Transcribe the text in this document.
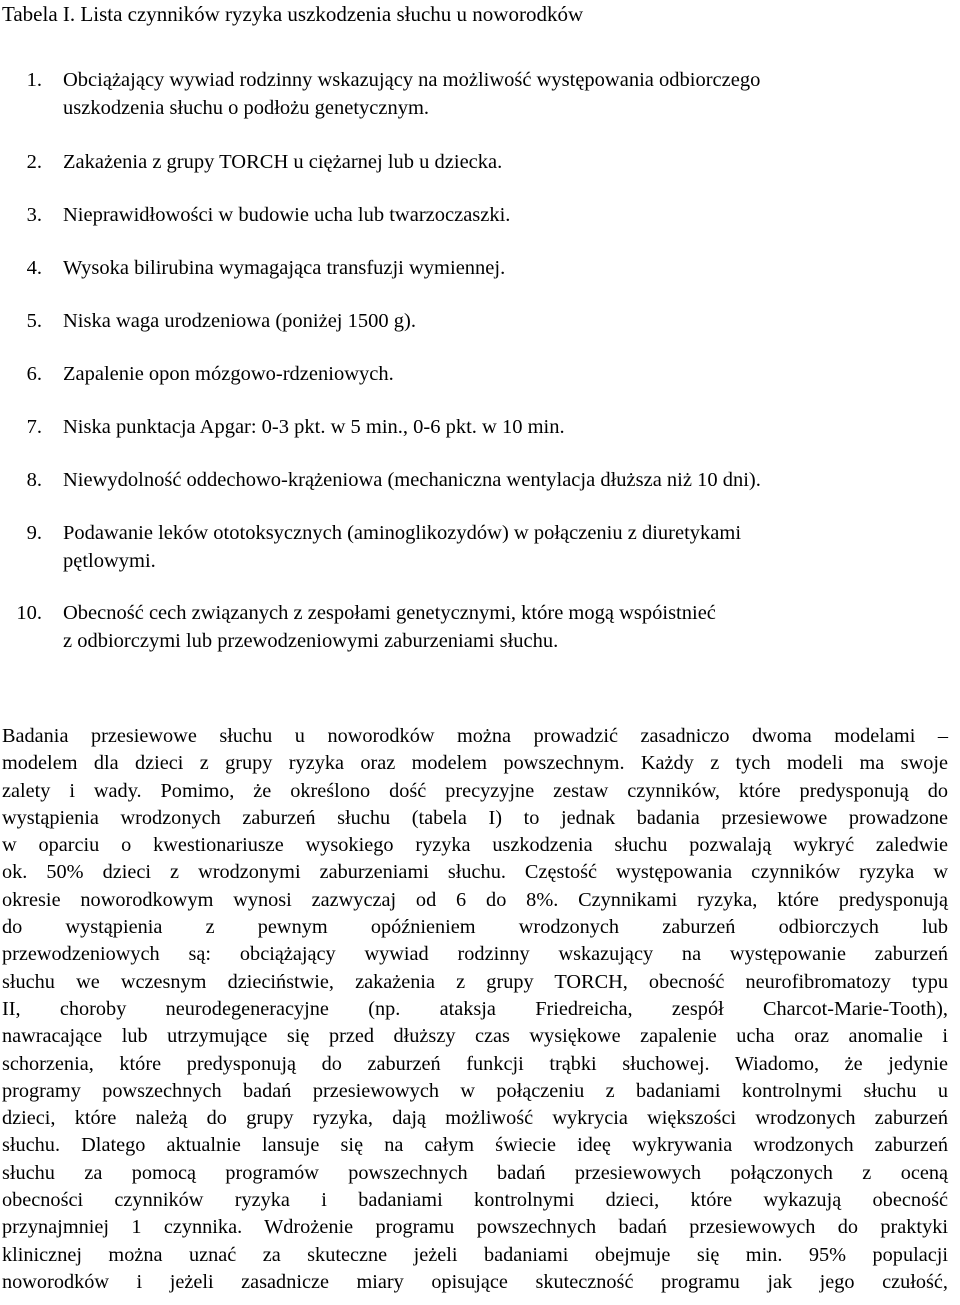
Tabela I. Lista czynników ryzyka uszkodzenia słuchu u noworodków
1. Obciążający wywiad rodzinny wskazujący na możliwość występowania odbiorczego
uszkodzenia słuchu o podłożu genetycznym.
2. Zakażenia z grupy TORCH u ciężarnej lub u dziecka.
3. Nieprawidłowości w budowie ucha lub twarzoczaszki.
4. Wysoka bilirubina wymagająca transfuzji wymiennej.
5. Niska waga urodzeniowa (poniżej 1500 g).
6. Zapalenie opon mózgowo-rdzeniowych.
7. Niska punktacja Apgar: 0-3 pkt. w 5 min., 0-6 pkt. w 10 min.
8. Niewydolność oddechowo-krążeniowa (mechaniczna wentylacja dłuższa niż 10 dni).
9. Podawanie leków ototoksycznych (aminoglikozydów) w połączeniu z diuretykami
pętlowymi.
10. Obecność cech związanych z zespołami genetycznymi, które mogą wspóistnieć
z odbiorczymi lub przewodzeniowymi zaburzeniami słuchu.
Badania przesiewowe słuchu u noworodków można prowadzić zasadniczo dwoma modelami –
modelem dla dzieci z grupy ryzyka oraz modelem powszechnym. Każdy z tych modeli ma swoje
zalety i wady. Pomimo, że określono dość precyzyjne zestaw czynników, które predysponują do
wystąpienia wrodzonych zaburzeń słuchu (tabela I) to jednak badania przesiewowe prowadzone
w oparciu o kwestionariusze wysokiego ryzyka uszkodzenia słuchu pozwalają wykryć zaledwie
ok. 50% dzieci z wrodzonymi zaburzeniami słuchu. Częstość występowania czynników ryzyka w
okresie noworodkowym wynosi zazwyczaj od 6 do 8%. Czynnikami ryzyka, które predysponują
do wystąpienia z pewnym opóźnieniem wrodzonych zaburzeń odbiorczych lub
przewodzeniowych są: obciążający wywiad rodzinny wskazujący na występowanie zaburzeń
słuchu we wczesnym dzieciństwie, zakażenia z grupy TORCH, obecność neurofibromatozy typu
II, choroby neurodegeneracyjne (np. ataksja Friedreicha, zespół Charcot-Marie-Tooth),
nawracające lub utrzymujące się przed dłuższy czas wysiękowe zapalenie ucha oraz anomalie i
schorzenia, które predysponują do zaburzeń funkcji trąbki słuchowej. Wiadomo, że jedynie
programy powszechnych badań przesiewowych w połączeniu z badaniami kontrolnymi słuchu u
dzieci, które należą do grupy ryzyka, dają możliwość wykrycia większości wrodzonych zaburzeń
słuchu. Dlatego aktualnie lansuje się na całym świecie ideę wykrywania wrodzonych zaburzeń
słuchu za pomocą programów powszechnych badań przesiewowych połączonych z oceną
obecności czynników ryzyka i badaniami kontrolnymi dzieci, które wykazują obecność
przynajmniej 1 czynnika. Wdrożenie programu powszechnych badań przesiewowych do praktyki
klinicznej można uznać za skuteczne jeżeli badaniami obejmuje się min. 95% populacji
noworodków i jeżeli zasadnicze miary opisujące skuteczność programu jak jego czułość,
